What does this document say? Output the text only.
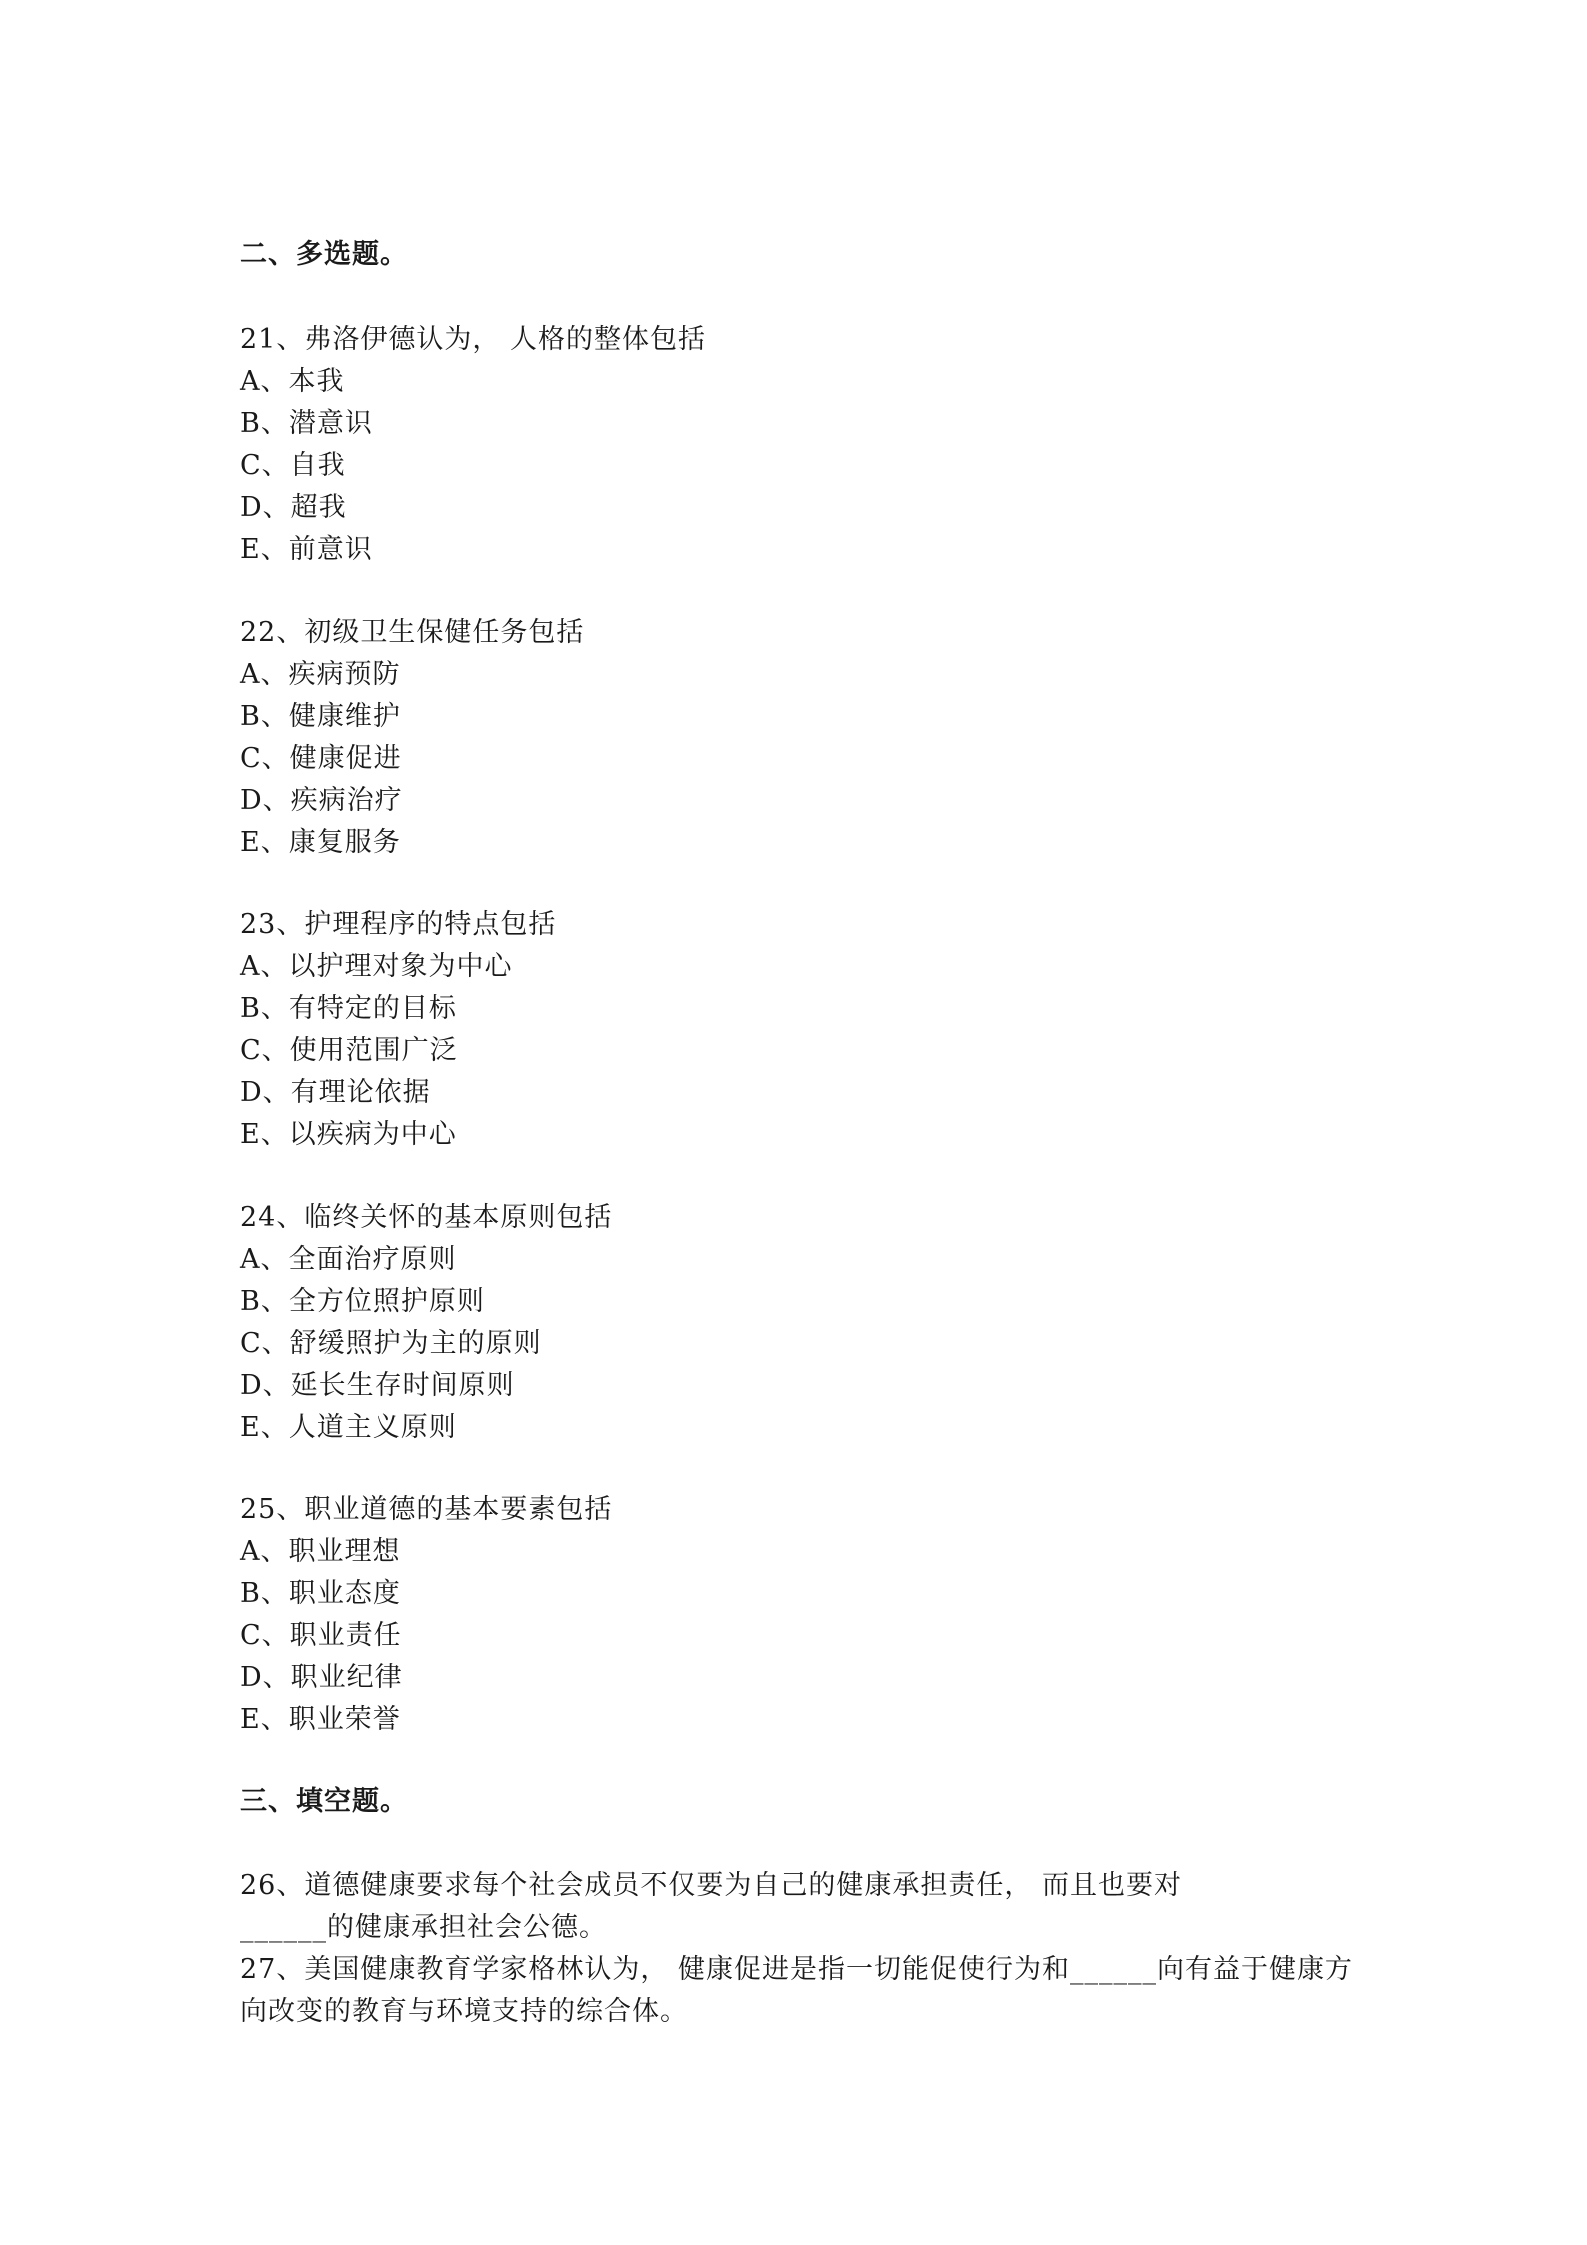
二、多选题。
21、弗洛伊德认为， 人格的整体包括
A、本我
B、潜意识
C、自我
D、超我
E、前意识
22、初级卫生保健任务包括
A、疾病预防
B、健康维护
C、健康促进
D、疾病治疗
E、康复服务
23、护理程序的特点包括
A、以护理对象为中心
B、有特定的目标
C、使用范围广泛
D、有理论依据
E、以疾病为中心
24、临终关怀的基本原则包括
A、全面治疗原则
B、全方位照护原则
C、舒缓照护为主的原则
D、延长生存时间原则
E、人道主义原则
25、职业道德的基本要素包括
A、职业理想
B、职业态度
C、职业责任
D、职业纪律
E、职业荣誉
三、填空题。
26、道德健康要求每个社会成员不仅要为自己的健康承担责任， 而且也要对
______的健康承担社会公德。
27、美国健康教育学家格林认为， 健康促进是指一切能促使行为和______向有益于健康方
向改变的教育与环境支持的综合体。
